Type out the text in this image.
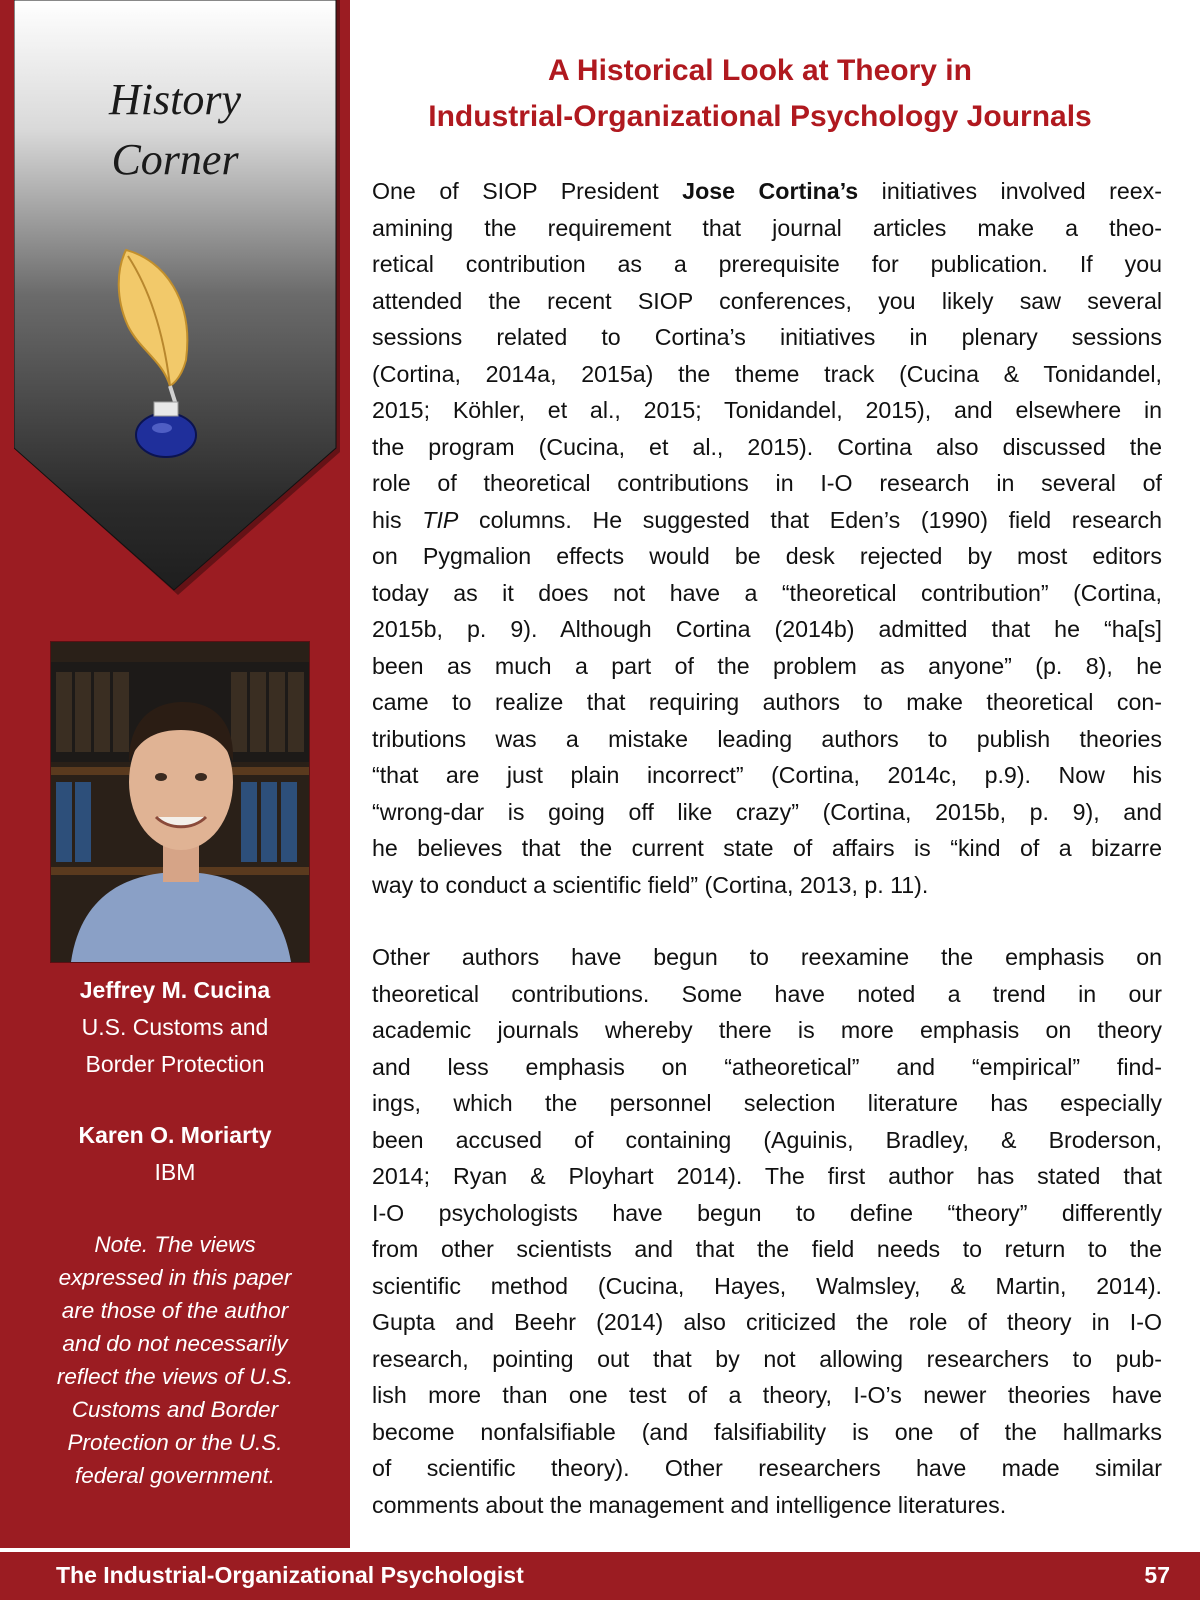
History
Corner
Jeffrey M. Cucina
U.S. Customs and
Border Protection
Karen O. Moriarty
IBM
Note. The views
expressed in this paper
are those of the author
and do not necessarily
reflect the views of U.S.
Customs and Border
Protection or the U.S.
federal government.
A Historical Look at Theory in
Industrial-Organizational Psychology Journals

One of SIOP President Jose Cortina’s initiatives involved reex-
amining the requirement that journal articles make a theo-
retical contribution as a prerequisite for publication. If you
attended the recent SIOP conferences, you likely saw several
sessions related to Cortina’s initiatives in plenary sessions
(Cortina, 2014a, 2015a) the theme track (Cucina & Tonidandel,
2015; Köhler, et al., 2015; Tonidandel, 2015), and elsewhere in
the program (Cucina, et al., 2015). Cortina also discussed the
role of theoretical contributions in I-O research in several of
his TIP columns. He suggested that Eden’s (1990) field research
on Pygmalion effects would be desk rejected by most editors
today as it does not have a “theoretical contribution” (Cortina,
2015b, p. 9). Although Cortina (2014b) admitted that he “ha[s]
been as much a part of the problem as anyone” (p. 8), he
came to realize that requiring authors to make theoretical con-
tributions was a mistake leading authors to publish theories
“that are just plain incorrect” (Cortina, 2014c, p.9). Now his
“wrong-dar is going off like crazy” (Cortina, 2015b, p. 9), and
he believes that the current state of affairs is “kind of a bizarre
way to conduct a scientific field” (Cortina, 2013, p. 11).

Other authors have begun to reexamine the emphasis on
theoretical contributions. Some have noted a trend in our
academic journals whereby there is more emphasis on theory
and less emphasis on “atheoretical” and “empirical” find-
ings, which the personnel selection literature has especially
been accused of containing (Aguinis, Bradley, & Broderson,
2014; Ryan & Ployhart 2014). The first author has stated that
I-O psychologists have begun to define “theory” differently
from other scientists and that the field needs to return to the
scientific method (Cucina, Hayes, Walmsley, & Martin, 2014).
Gupta and Beehr (2014) also criticized the role of theory in I-O
research, pointing out that by not allowing researchers to pub-
lish more than one test of a theory, I-O’s newer theories have
become nonfalsifiable (and falsifiability is one of the hallmarks
of scientific theory). Other researchers have made similar
comments about the management and intelligence literatures.

The Industrial-Organizational Psychologist	57
